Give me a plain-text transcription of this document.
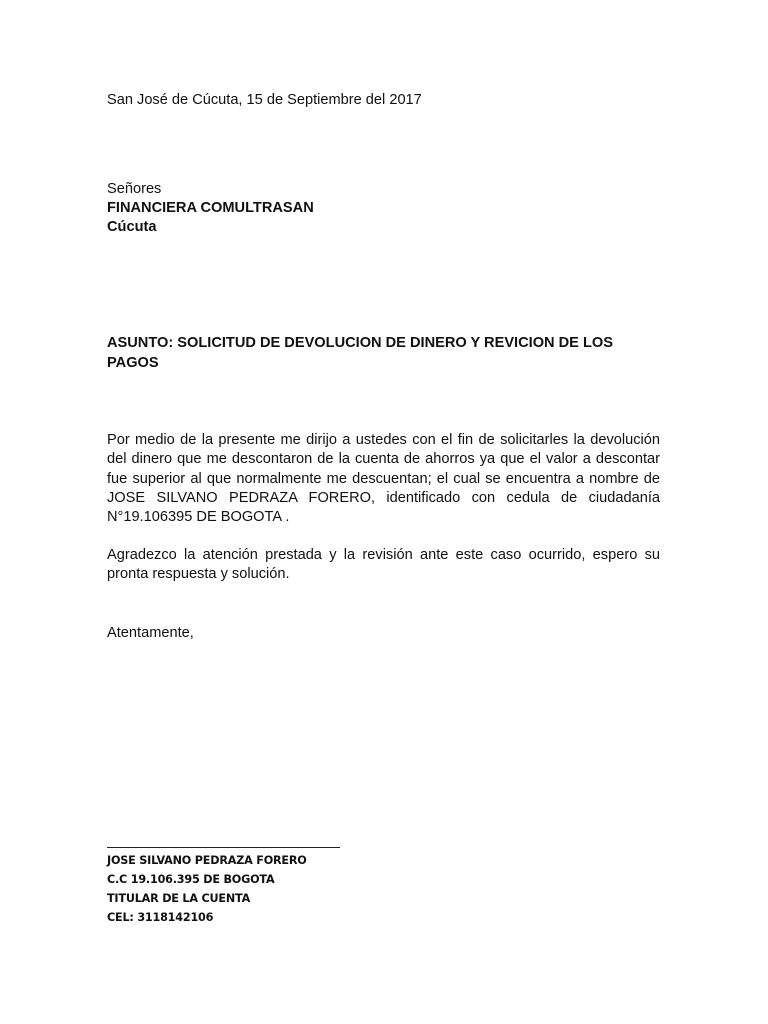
San José de Cúcuta, 15 de Septiembre del 2017
Señores
FINANCIERA COMULTRASAN
Cúcuta
ASUNTO: SOLICITUD DE DEVOLUCION DE DINERO Y REVICION DE LOS PAGOS
Por medio de la presente me dirijo a ustedes con el fin de solicitarles la devolución del dinero que me descontaron de la cuenta de ahorros ya que el valor a descontar fue superior al que normalmente me descuentan; el cual se encuentra a nombre de JOSE SILVANO PEDRAZA FORERO, identificado con cedula de ciudadanía N°19.106395 DE BOGOTA .
Agradezco la atención prestada y la revisión ante este caso ocurrido, espero su pronta respuesta y solución.
Atentamente,
JOSE SILVANO PEDRAZA FORERO
C.C 19.106.395 DE BOGOTA
TITULAR DE LA CUENTA
CEL: 3118142106
